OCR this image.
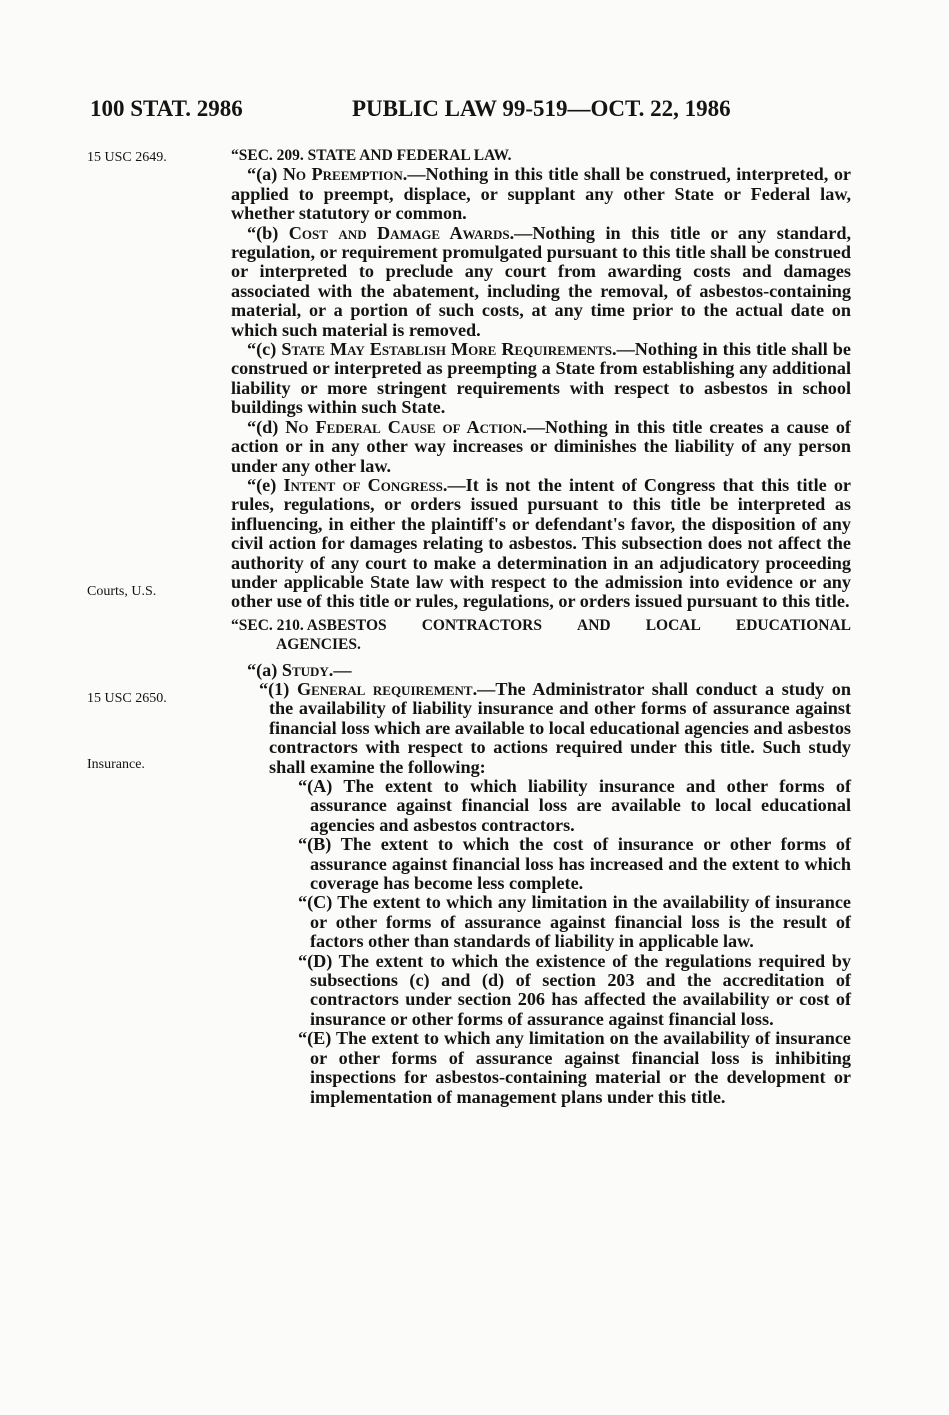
100 STAT. 2986	PUBLIC LAW 99-519—OCT. 22, 1986
15 USC 2649.
Courts, U.S.
15 USC 2650.
Insurance.

“SEC. 209. STATE AND FEDERAL LAW.

“(a) No Preemption.—Nothing in this title shall be construed, interpreted, or applied to preempt, displace, or supplant any other State or Federal law, whether statutory or common.

“(b) Cost and Damage Awards.—Nothing in this title or any standard, regulation, or requirement promulgated pursuant to this title shall be construed or interpreted to preclude any court from awarding costs and damages associated with the abatement, including the removal, of asbestos-containing material, or a portion of such costs, at any time prior to the actual date on which such material is removed.

“(c) State May Establish More Requirements.—Nothing in this title shall be construed or interpreted as preempting a State from establishing any additional liability or more stringent requirements with respect to asbestos in school buildings within such State.

“(d) No Federal Cause of Action.—Nothing in this title creates a cause of action or in any other way increases or diminishes the liability of any person under any other law.

“(e) Intent of Congress.—It is not the intent of Congress that this title or rules, regulations, or orders issued pursuant to this title be interpreted as influencing, in either the plaintiff's or defendant's favor, the disposition of any civil action for damages relating to asbestos. This subsection does not affect the authority of any court to make a determination in an adjudicatory proceeding under applicable State law with respect to the admission into evidence or any other use of this title or rules, regulations, or orders issued pursuant to this title.

“SEC. 210. ASBESTOS CONTRACTORS AND LOCAL EDUCATIONAL
AGENCIES.

“(a) Study.—

“(1) General requirement.—The Administrator shall conduct a study on the availability of liability insurance and other forms of assurance against financial loss which are available to local educational agencies and asbestos contractors with respect to actions required under this title. Such study shall examine the following:

“(A) The extent to which liability insurance and other forms of assurance against financial loss are available to local educational agencies and asbestos contractors.

“(B) The extent to which the cost of insurance or other forms of assurance against financial loss has increased and the extent to which coverage has become less complete.

“(C) The extent to which any limitation in the availability of insurance or other forms of assurance against financial loss is the result of factors other than standards of liability in applicable law.

“(D) The extent to which the existence of the regulations required by subsections (c) and (d) of section 203 and the accreditation of contractors under section 206 has affected the availability or cost of insurance or other forms of assurance against financial loss.

“(E) The extent to which any limitation on the availability of insurance or other forms of assurance against financial loss is inhibiting inspections for asbestos-containing material or the development or implementation of management plans under this title.
